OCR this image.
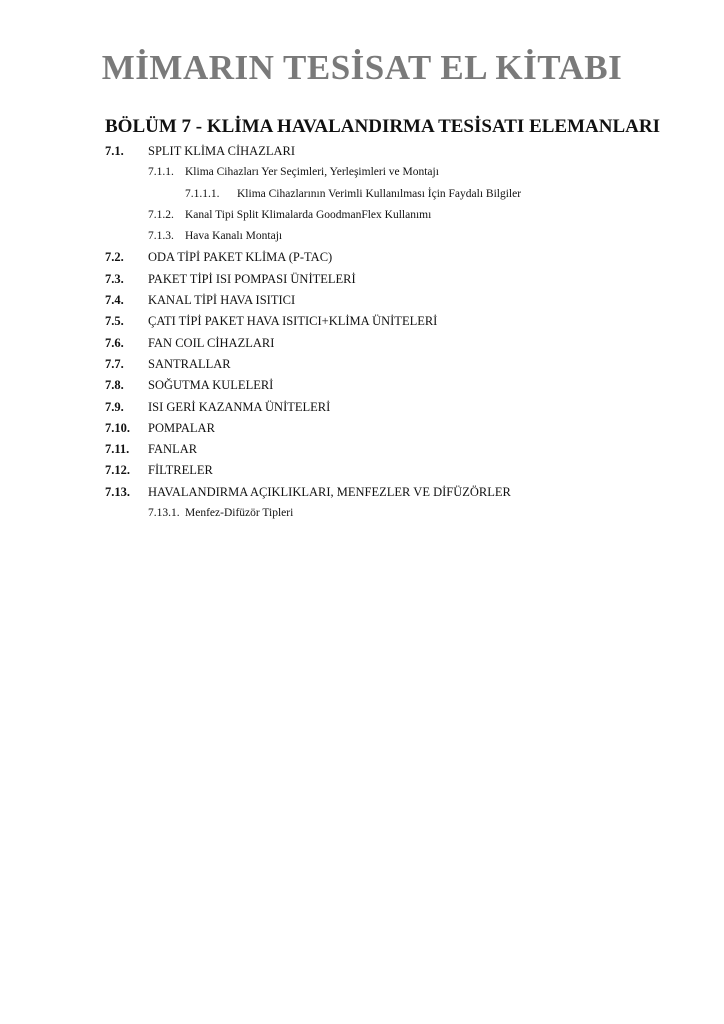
MİMARIN TESİSAT EL KİTABI
BÖLÜM 7 - KLİMA HAVALANDIRMA TESİSATI ELEMANLARI
7.1. SPLIT KLİMA CİHAZLARI
7.1.1. Klima Cihazları Yer Seçimleri, Yerleşimleri ve Montajı
7.1.1.1. Klima Cihazlarının Verimli Kullanılması İçin Faydalı Bilgiler
7.1.2. Kanal Tipi Split Klimalarda GoodmanFlex Kullanımı
7.1.3. Hava Kanalı Montajı
7.2. ODA TİPİ PAKET KLİMA (P-TAC)
7.3. PAKET TİPİ ISI POMPASI ÜNİTELERİ
7.4. KANAL TİPİ HAVA ISITICI
7.5. ÇATI TİPİ PAKET HAVA ISITICI+KLİMA ÜNİTELERİ
7.6. FAN COIL CİHAZLARI
7.7. SANTRALLAR
7.8. SOĞUTMA KULELERİ
7.9. ISI GERİ KAZANMA ÜNİTELERİ
7.10. POMPALAR
7.11. FANLAR
7.12. FİLTRELER
7.13. HAVALANDIRMA AÇIKLIKLARI, MENFEZLER VE DİFÜZÖRLER
7.13.1. Menfez-Difüzör Tipleri
